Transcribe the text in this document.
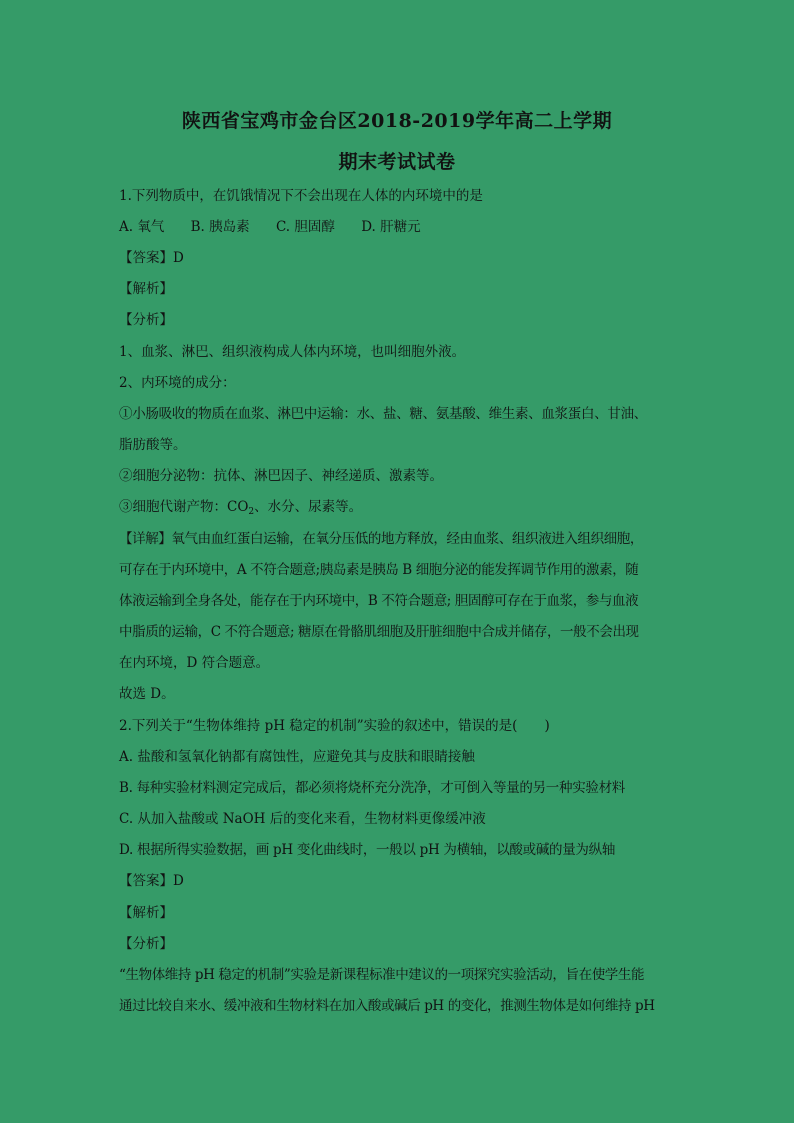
陕西省宝鸡市金台区2018-2019学年高二上学期
期末考试试卷
1.下列物质中，在饥饿情况下不会出现在人体的内环境中的是
A. 氧气 B. 胰岛素 C. 胆固醇 D. 肝糖元
【答案】D
【解析】
【分析】
1、血浆、淋巴、组织液构成人体内环境，也叫细胞外液。
2、内环境的成分：
①小肠吸收的物质在血浆、淋巴中运输：水、盐、糖、氨基酸、维生素、血浆蛋白、甘油、
脂肪酸等。
②细胞分泌物：抗体、淋巴因子、神经递质、激素等。
③细胞代谢产物：$CO_2$、水分、尿素等。
【详解】氧气由血红蛋白运输，在氧分压低的地方释放，经由血浆、组织液进入组织细胞，
可存在于内环境中，A 不符合题意;胰岛素是胰岛 B 细胞分泌的能发挥调节作用的激素，随
体液运输到全身各处，能存在于内环境中，B 不符合题意; 胆固醇可存在于血浆，参与血液
中脂质的运输，C 不符合题意; 糖原在骨骼肌细胞及肝脏细胞中合成并储存，一般不会出现
在内环境，D 符合题意。
故选 D。
2.下列关于“生物体维持 pH 稳定的机制”实验的叙述中，错误的是(　　)
A. 盐酸和氢氧化钠都有腐蚀性，应避免其与皮肤和眼睛接触
B. 每种实验材料测定完成后，都必须将烧杯充分洗净，才可倒入等量的另一种实验材料
C. 从加入盐酸或 NaOH 后的变化来看，生物材料更像缓冲液
D. 根据所得实验数据，画 pH 变化曲线时，一般以 pH 为横轴，以酸或碱的量为纵轴
【答案】D
【解析】
【分析】
“生物体维持 pH 稳定的机制”实验是新课程标准中建议的一项探究实验活动，旨在使学生能
通过比较自来水、缓冲液和生物材料在加入酸或碱后 pH 的变化，推测生物体是如何维持 pH
